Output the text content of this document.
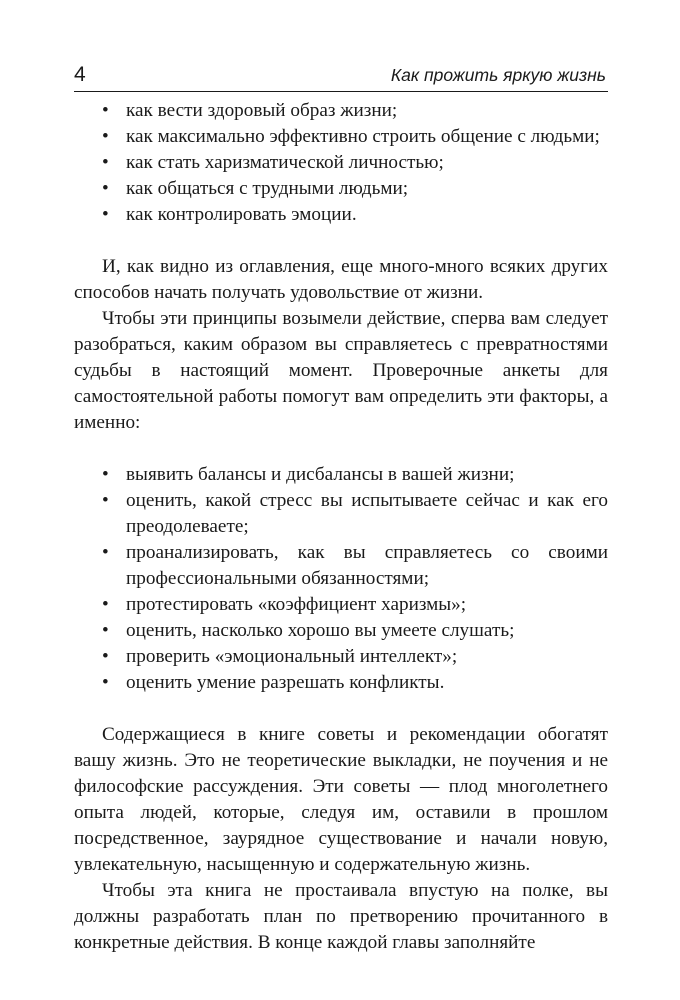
4	Как прожить яркую жизнь
• как вести здоровый образ жизни;
• как максимально эффективно строить общение с людьми;
• как стать харизматической личностью;
• как общаться с трудными людьми;
• как контролировать эмоции.

И, как видно из оглавления, еще много-много всяких других способов начать получать удовольствие от жизни.

Чтобы эти принципы возымели действие, сперва вам следует разобраться, каким образом вы справляетесь с превратностями судьбы в настоящий момент. Проверочные анкеты для самостоятельной работы помогут вам определить эти факторы, а именно:

• выявить балансы и дисбалансы в вашей жизни;
• оценить, какой стресс вы испытываете сейчас и как его преодолеваете;
• проанализировать, как вы справляетесь со своими профессиональными обязанностями;
• протестировать «коэффициент харизмы»;
• оценить, насколько хорошо вы умеете слушать;
• проверить «эмоциональный интеллект»;
• оценить умение разрешать конфликты.

Содержащиеся в книге советы и рекомендации обогатят вашу жизнь. Это не теоретические выкладки, не поучения и не философские рассуждения. Эти советы — плод многолетнего опыта людей, которые, следуя им, оставили в прошлом посредственное, заурядное существование и начали новую, увлекательную, насыщенную и содержательную жизнь.

Чтобы эта книга не простаивала впустую на полке, вы должны разработать план по претворению прочитанного в конкретные действия. В конце каждой главы заполняйте
